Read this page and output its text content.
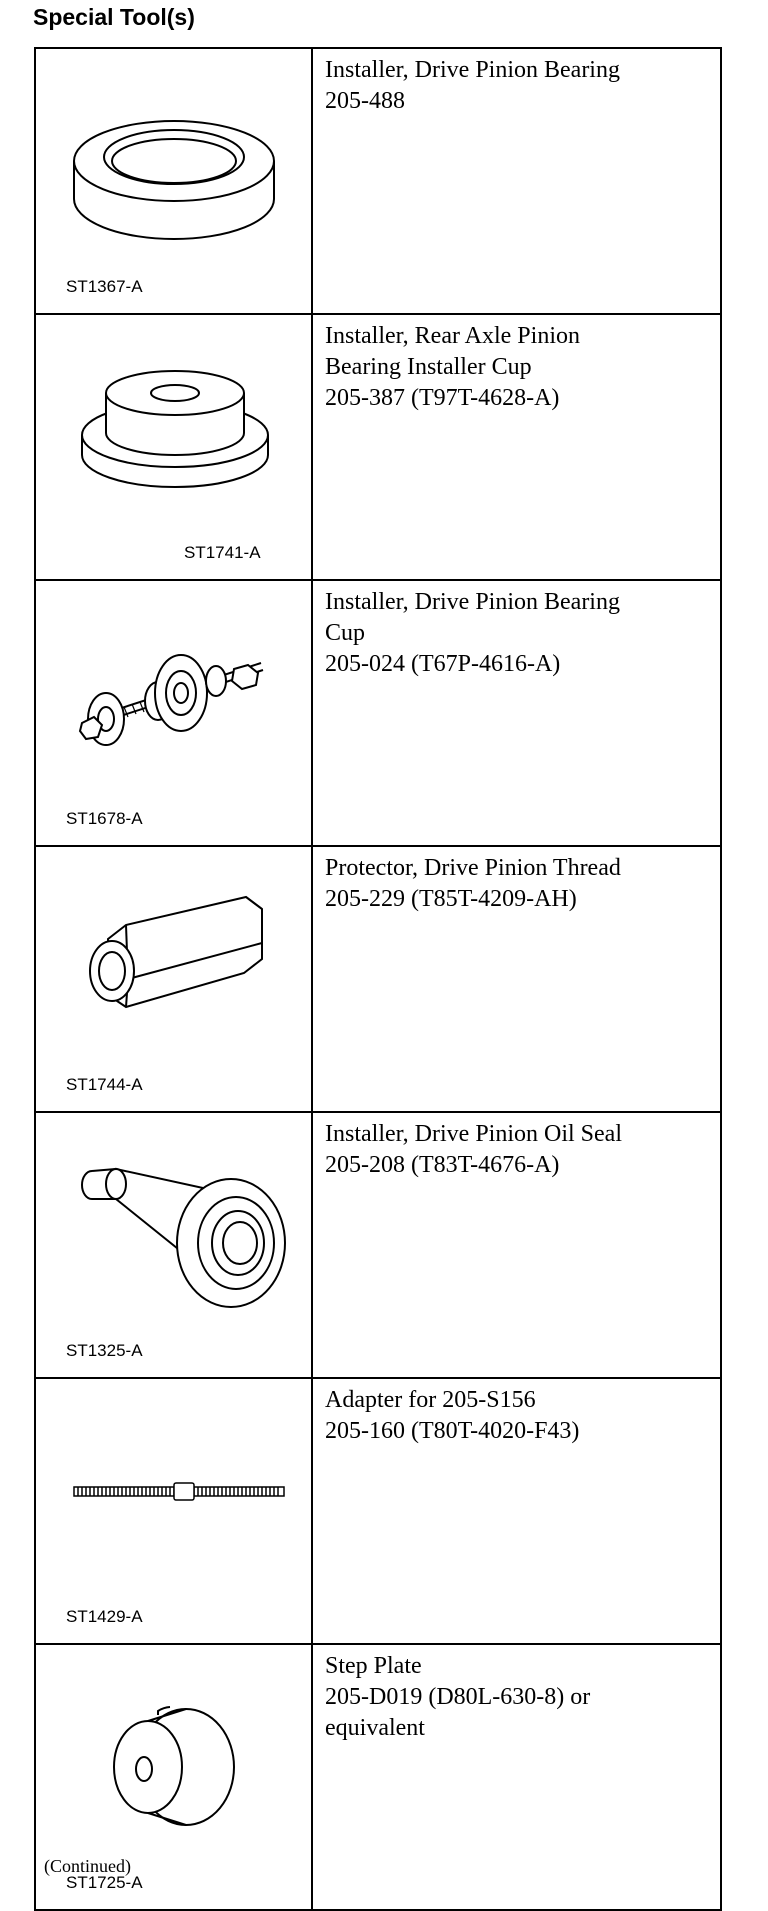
Special Tool(s)
ST1367-A	Installer, Drive Pinion Bearing
205-488

ST1741-A	Installer, Rear Axle Pinion
Bearing Installer Cup
205-387 (T97T-4628-A)

ST1678-A	Installer, Drive Pinion Bearing
Cup
205-024 (T67P-4616-A)

ST1744-A	Protector, Drive Pinion Thread
205-229 (T85T-4209-AH)

ST1325-A	Installer, Drive Pinion Oil Seal
205-208 (T83T-4676-A)

ST1429-A	Adapter for 205-S156
205-160 (T80T-4020-F43)

ST1725-A	Step Plate
205-D019 (D80L-630-8) or
equivalent
(Continued)
